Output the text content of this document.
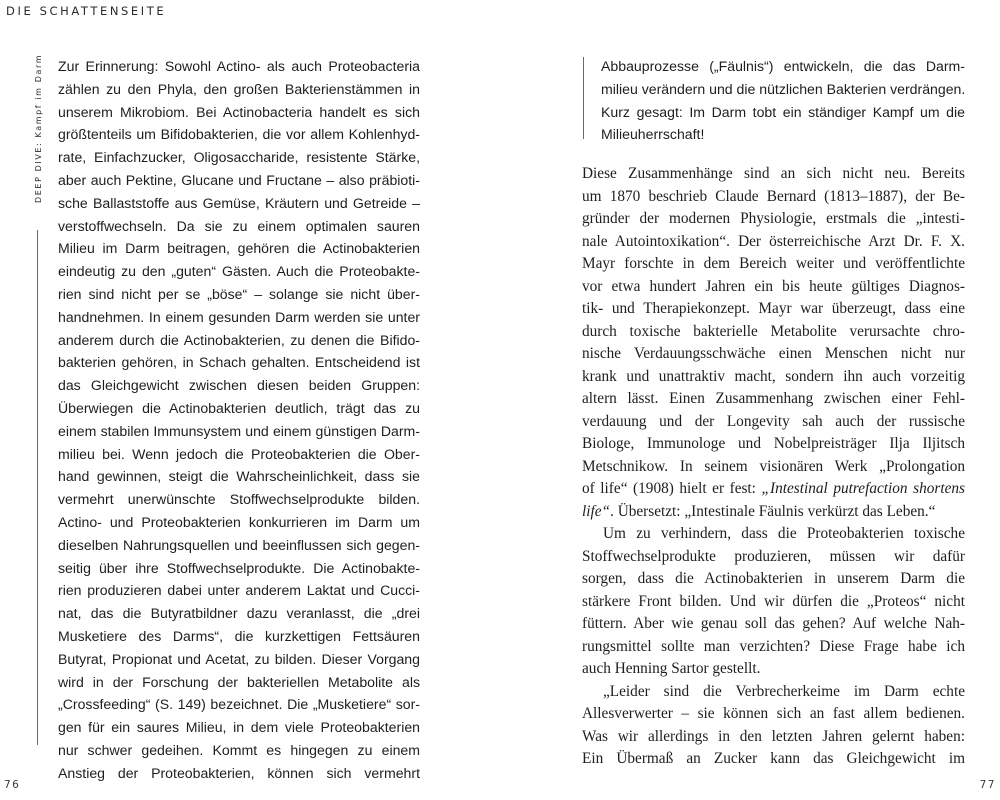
DIE SCHATTENSEITE
DEEP DIVE: Kampf im Darm Zur Erinnerung: Sowohl Actino- als auch Proteobacteria
zählen zu den Phyla, den großen Bakterienstämmen in
unserem Mikrobiom. Bei Actinobacteria handelt es sich
größtenteils um Bifidobakterien, die vor allem Kohlenhyd-
rate, Einfachzucker, Oligosaccharide, resistente Stärke,
aber auch Pektine, Glucane und Fructane – also präbioti-
sche Ballaststoffe aus Gemüse, Kräutern und Getreide –
verstoffwechseln. Da sie zu einem optimalen sauren
Milieu im Darm beitragen, gehören die Actinobakterien
eindeutig zu den „guten“ Gästen. Auch die Proteobakte-
rien sind nicht per se „böse“ – solange sie nicht über-
handnehmen. In einem gesunden Darm werden sie unter
anderem durch die Actinobakterien, zu denen die Bifido-
bakterien gehören, in Schach gehalten. Entscheidend ist
das Gleichgewicht zwischen diesen beiden Gruppen:
Überwiegen die Actinobakterien deutlich, trägt das zu
einem stabilen Immunsystem und einem günstigen Darm-
milieu bei. Wenn jedoch die Proteobakterien die Ober-
hand gewinnen, steigt die Wahrscheinlichkeit, dass sie
vermehrt unerwünschte Stoffwechselprodukte bilden.
Actino- und Proteobakterien konkurrieren im Darm um
dieselben Nahrungsquellen und beeinflussen sich gegen-
seitig über ihre Stoffwechselprodukte. Die Actinobakte-
rien produzieren dabei unter anderem Laktat und Cucci-
nat, das die Butyratbildner dazu veranlasst, die „drei
Musketiere des Darms“, die kurzkettigen Fettsäuren
Butyrat, Propionat und Acetat, zu bilden. Dieser Vorgang
wird in der Forschung der bakteriellen Metabolite als
„Crossfeeding“ (S. 149) bezeichnet. Die „Musketiere“ sor-
gen für ein saures Milieu, in dem viele Proteobakterien
nur schwer gedeihen. Kommt es hingegen zu einem
Anstieg der Proteobakterien, können sich vermehrt
Abbauprozesse („Fäulnis“) entwickeln, die das Darm-
milieu verändern und die nützlichen Bakterien verdrängen.
Kurz gesagt: Im Darm tobt ein ständiger Kampf um die
Milieuherrschaft!
Diese Zusammenhänge sind an sich nicht neu. Bereits
um 1870 beschrieb Claude Bernard (1813–1887), der Be-
gründer der modernen Physiologie, erstmals die „intesti-
nale Autointoxikation“. Der österreichische Arzt Dr. F. X.
Mayr forschte in dem Bereich weiter und veröffentlichte
vor etwa hundert Jahren ein bis heute gültiges Diagnos-
tik- und Therapiekonzept. Mayr war überzeugt, dass eine
durch toxische bakterielle Metabolite verursachte chro-
nische Verdauungsschwäche einen Menschen nicht nur
krank und unattraktiv macht, sondern ihn auch vorzeitig
altern lässt. Einen Zusammenhang zwischen einer Fehl-
verdauung und der Longevity sah auch der russische
Biologe, Immunologe und Nobelpreisträger Ilja Iljitsch
Metschnikow. In seinem visionären Werk „Prolongation
of life“ (1908) hielt er fest: „Intestinal putrefaction shortens
life“. Übersetzt: „Intestinale Fäulnis verkürzt das Leben.“
Um zu verhindern, dass die Proteobakterien toxische
Stoffwechselprodukte produzieren, müssen wir dafür
sorgen, dass die Actinobakterien in unserem Darm die
stärkere Front bilden. Und wir dürfen die „Proteos“ nicht
füttern. Aber wie genau soll das gehen? Auf welche Nah-
rungsmittel sollte man verzichten? Diese Frage habe ich
auch Henning Sartor gestellt.
„Leider sind die Verbrecherkeime im Darm echte
Allesverwerter – sie können sich an fast allem bedienen.
Was wir allerdings in den letzten Jahren gelernt haben:
Ein Übermaß an Zucker kann das Gleichgewicht im
76	77
